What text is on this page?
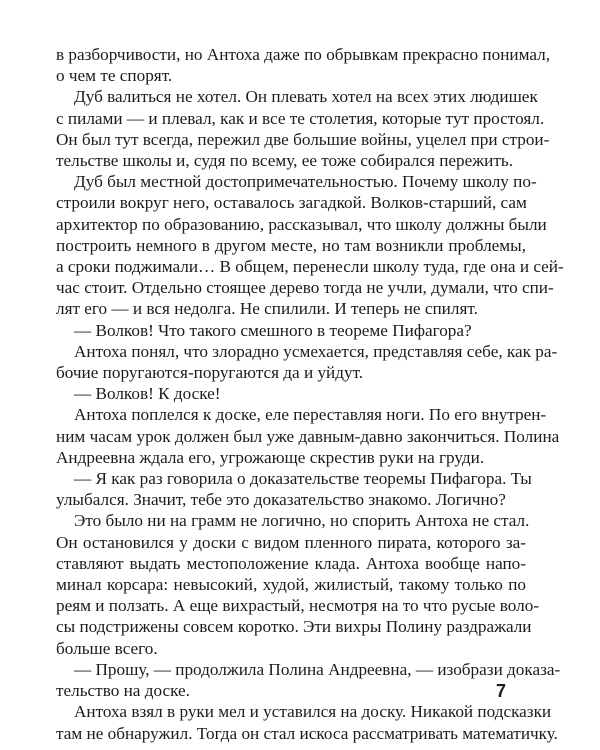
в разборчивости, но Антоха даже по обрывкам прекрасно понимал,
о чем те спорят.
Дуб валиться не хотел. Он плевать хотел на всех этих людишек
с пилами — и плевал, как и все те столетия, которые тут простоял.
Он был тут всегда, пережил две большие войны, уцелел при строи-
тельстве школы и, судя по всему, ее тоже собирался пережить.
Дуб был местной достопримечательностью. Почему школу по-
строили вокруг него, оставалось загадкой. Волков-старший, сам
архитектор по образованию, рассказывал, что школу должны были
построить немного в другом месте, но там возникли проблемы,
а сроки поджимали… В общем, перенесли школу туда, где она и сей-
час стоит. Отдельно стоящее дерево тогда не учли, думали, что спи-
лят его — и вся недолга. Не спилили. И теперь не спилят.
— Волков! Что такого смешного в теореме Пифагора?
Антоха понял, что злорадно усмехается, представляя себе, как ра-
бочие поругаются-поругаются да и уйдут.
— Волков! К доске!
Антоха поплелся к доске, еле переставляя ноги. По его внутрен-
ним часам урок должен был уже давным-давно закончиться. Полина
Андреевна ждала его, угрожающе скрестив руки на груди.
— Я как раз говорила о доказательстве теоремы Пифагора. Ты
улыбался. Значит, тебе это доказательство знакомо. Логично?
Это было ни на грамм не логично, но спорить Антоха не стал.
Он остановился у доски с видом пленного пирата, которого за-
ставляют выдать местоположение клада. Антоха вообще напо-
минал корсара: невысокий, худой, жилистый, такому только по
реям и ползать. А еще вихрастый, несмотря на то что русые воло-
сы подстрижены совсем коротко. Эти вихры Полину раздражали
больше всего.
— Прошу, — продолжила Полина Андреевна, — изобрази доказа-
тельство на доске.
Антоха взял в руки мел и уставился на доску. Никакой подсказки
там не обнаружил. Тогда он стал искоса рассматривать математичку.
7
